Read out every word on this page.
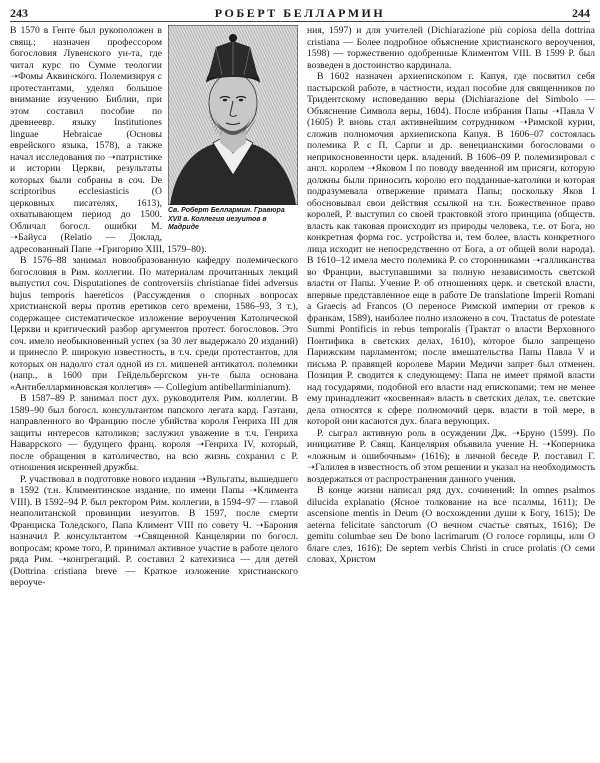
243	РОБЕРТ БЕЛЛАРМИН	244
Св. Роберт Беллармин. Гравюра XVII в. Коллегия иезуитов в Мадриде

В 1570 в Генте был рукоположен в свящ.; назначен профессором богословия Лувенского ун-та, где читал курс по Сумме теологии ➝Фомы Аквинского. Полемизируя с протестантами, уделял большое внимание изучению Библии, при этом составил пособие по древнеевр. языку Institutiones linguae Hebraicae (Основы еврейского языка, 1578), а также начал исследования по ➝патристике и истории Церкви, результаты которых были собраны в соч. De scriptoribus ecclesiasticis (О церковных писателях, 1613), охватывающем период до 1500. Обличал богосл. ошибки М. ➝Байуса (Relatio — Доклад, адресованный Папе ➝Григорию XIII, 1579–80).

В 1576–88 занимал новообразованную кафедру полемического богословия в Рим. коллегии. По материалам прочитанных лекций выпустил соч. Disputationes de controversiis christianae fidei adversus hujus temporis haereticos (Рассуждения о спорных вопросах христианской веры против еретиков сего времени, 1586–93, 3 т.), содержащее систематическое изложение вероучения Католической Церкви и критический разбор аргументов протест. богословов. Это соч. имело необыкновенный успех (за 30 лет выдержало 20 изданий) и принесло Р. широкую известность, в т.ч. среди протестантов, для которых он надолго стал одной из гл. мишеней антикатол. полемики (напр., в 1600 при Гейдельбергском ун-те была основана «Антибелларминовская коллегия» — Collegium antibellarminianum).

В 1587–89 Р. занимал пост дух. руководителя Рим. коллегии. В 1589–90 был богосл. консультантом папского легата кард. Гаэтани, направленного во Францию после убийства короля Генриха III для защиты интересов католиков; заслужил уважение в т.ч. Генриха Наваррского — будущего франц. короля ➝Генриха IV, который, после обращения в католичество, на всю жизнь сохранил с Р. отношения искренней дружбы.

Р. участвовал в подготовке нового издания ➝Вульгаты, вышедшего в 1592 (т.н. Климентинское издание, по имени Папы ➝Климента VIII). В 1592–94 Р. был ректором Рим. коллегии, в 1594–97 — главой неаполитанской провинции иезуитов. В 1597, после смерти Франциска Толедского, Папа Климент VIII по совету Ч. ➝Барония назначил Р. консультантом ➝Священной Канцелярии по богосл. вопросам; кроме того, Р. принимал активное участие в работе целого ряда Рим. ➝конгрегаций. Р. составил 2 катехизиса — для детей (Dottrina cristiana breve — Краткое изложение христианского вероуче-

ния, 1597) и для учителей (Dichiarazione più copiosa della dottrina cristiana — Более подробное объяснение христианского вероучения, 1598) — торжественно одобренные Климентом VIII. В 1599 Р. был возведен в достоинство кардинала.

В 1602 назначен архиепископом г. Капуя, где посвятил себя пастырской работе, в частности, издал пособие для священников по Тридентскому исповеданию веры (Dichiarazione del Simbolo — Объяснение Символа веры, 1604). После избрания Папы ➝Павла V (1605) Р. вновь стал активнейшим сотрудником ➝Римской курии, сложив полномочия архиепископа Капуя. В 1606–07 состоялась полемика Р. с П. Сарпи и др. венецианскими богословами о неприкосновенности церк. владений. В 1606–09 Р. полемизировал с англ. королем ➝Яковом I по поводу введенной им присяги, которую должны были приносить королю его подданные-католики и которая подразумевала отвержение примата Папы; поскольку Яков I обосновывал свои действия ссылкой на т.н. Божественное право королей, Р. выступил со своей трактовкой этого принципа (обществ. власть как таковая происходит из природы человека, т.е. от Бога, но конкретная форма гос. устройства и, тем более, власть конкретного лица исходит не непосредственно от Бога, а от общей воли народа). В 1610–12 имела место полемика Р. со сторонниками ➝галликанства во Франции, выступавшими за полную независимость светской власти от Папы. Учение Р. об отношениях церк. и светской власти, впервые представленное еще в работе De translatione Imperii Romani a Graecis ad Francos (О переносе Римской империи от греков к франкам, 1589), наиболее полно изложено в соч. Tractatus de potestate Summi Pontificis in rebus temporalis (Трактат о власти Верховного Понтифика в светских делах, 1610), которое было запрещено Парижским парламентом; после вмешательства Папы Павла V и письма Р. правящей королеве Марии Медичи запрет был отменен. Позиция Р. сводится к следующему: Папа не имеет прямой власти над государями, подобной его власти над епископами; тем не менее ему принадлежит «косвенная» власть в светских делах, т.е. светские дела относятся к сфере полномочий церк. власти в той мере, в которой они касаются дух. блага верующих.

Р. сыграл активную роль в осуждении Дж. ➝Бруно (1599). По инициативе Р. Свящ. Канцелярия объявила учение Н. ➝Коперника «ложным и ошибочным» (1616); в личной беседе Р. поставил Г. ➝Галилея в известность об этом решении и указал на необходимость воздержаться от распространения данного учения.

В конце жизни написал ряд дух. сочинений: In omnes psalmos dilucida explanatio (Ясное толкование на все псалмы, 1611); De ascensione mentis in Deum (О восхождении души к Богу, 1615); De aeterna felicitate sanctorum (О вечном счастье святых, 1616); De gemitu columbae seu De bono lacrimarum (О голосе горлицы, или О благе слез, 1616); De septem verbis Christi in cruce prolatis (О семи словах, Христом
